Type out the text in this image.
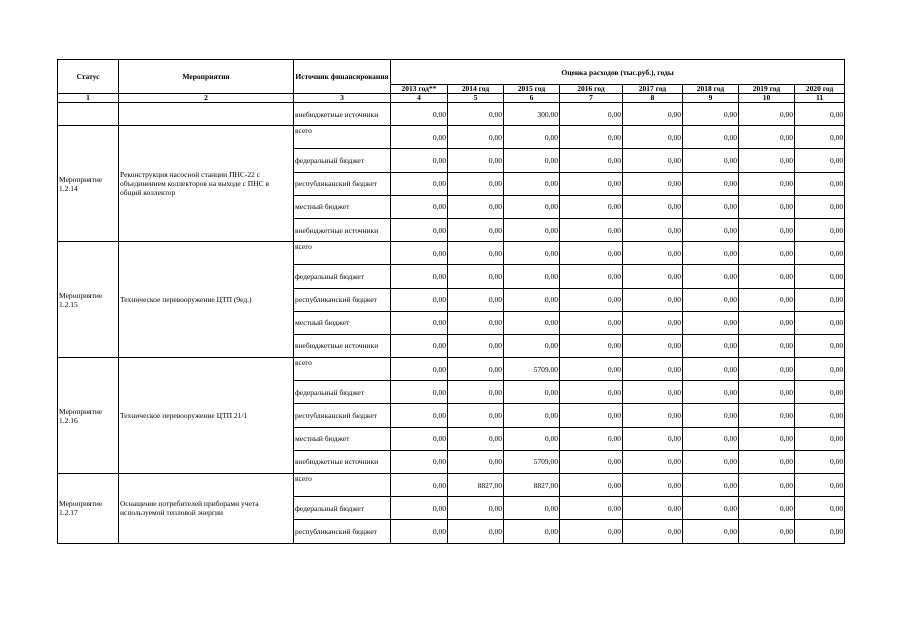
Статус	Мероприятия	Источник финансирования	Оценка расходов (тыс.руб.), годы							
			2013 год**	2014 год	2015 год	2016 год	2017 год	2018 год	2019 год	2020 год
1	2	3	4	5	6	7	8	9	10	11
		внебюджетные источники	0,00	0,00	300,00	0,00	0,00	0,00	0,00	0,00
Мероприятие 1.2.14	Реконструкция насосной станции ПНС-22 с объединением коллекторов на выходе с ПНС в общий коллектор	всего	0,00	0,00	0,00	0,00	0,00	0,00	0,00	0,00
		федеральный бюджет	0,00	0,00	0,00	0,00	0,00	0,00	0,00	0,00
		республиканский бюджет	0,00	0,00	0,00	0,00	0,00	0,00	0,00	0,00
		местный бюджет	0,00	0,00	0,00	0,00	0,00	0,00	0,00	0,00
		внебюджетные источники	0,00	0,00	0,00	0,00	0,00	0,00	0,00	0,00
Мероприятие 1.2.15	Техническое перевооружение ЦТП (9ед.)	всего	0,00	0,00	0,00	0,00	0,00	0,00	0,00	0,00
		федеральный бюджет	0,00	0,00	0,00	0,00	0,00	0,00	0,00	0,00
		республиканский бюджет	0,00	0,00	0,00	0,00	0,00	0,00	0,00	0,00
		местный бюджет	0,00	0,00	0,00	0,00	0,00	0,00	0,00	0,00
		внебюджетные источники	0,00	0,00	0,00	0,00	0,00	0,00	0,00	0,00
Мероприятие 1.2.16	Техническое перевооружение ЦТП 21/1	всего	0,00	0,00	5709,00	0,00	0,00	0,00	0,00	0,00
		федеральный бюджет	0,00	0,00	0,00	0,00	0,00	0,00	0,00	0,00
		республиканский бюджет	0,00	0,00	0,00	0,00	0,00	0,00	0,00	0,00
		местный бюджет	0,00	0,00	0,00	0,00	0,00	0,00	0,00	0,00
		внебюджетные источники	0,00	0,00	5709,00	0,00	0,00	0,00	0,00	0,00
Мероприятие 1.2.17	Оснащение потребителей приборами учета используемой тепловой энергии	всего	0,00	8827,00	8827,00	0,00	0,00	0,00	0,00	0,00
		федеральный бюджет	0,00	0,00	0,00	0,00	0,00	0,00	0,00	0,00
		республиканский бюджет	0,00	0,00	0,00	0,00	0,00	0,00	0,00	0,00
